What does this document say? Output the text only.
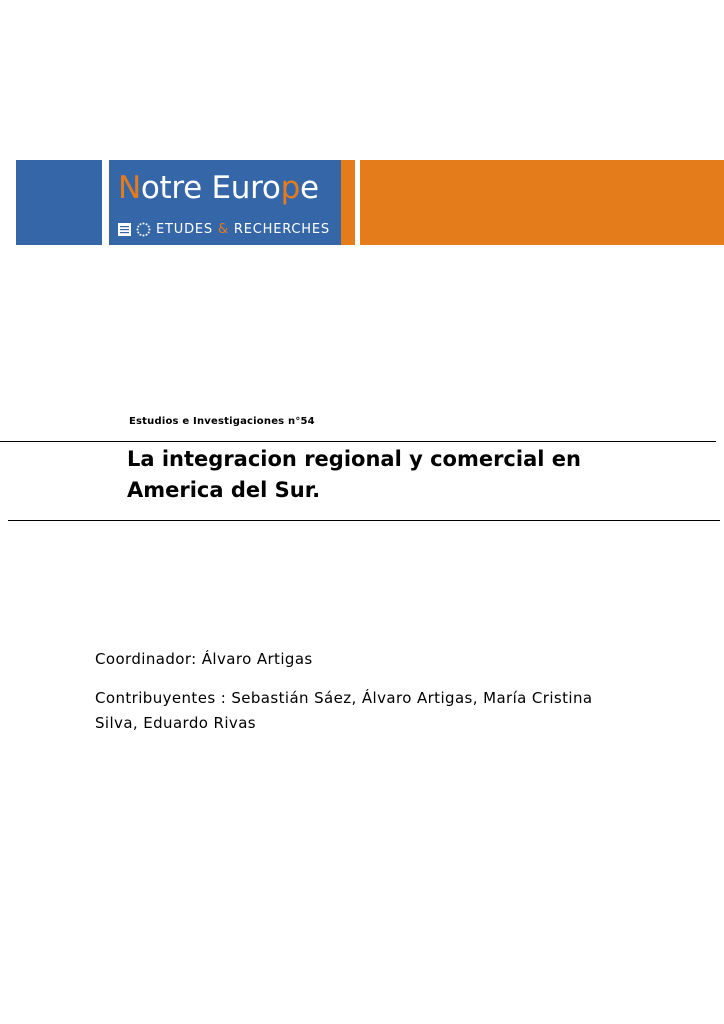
Notre Europe
ETUDES & RECHERCHES
Estudios e Investigaciones n°54
La integracion regional y comercial en America del Sur.
Coordinador: Álvaro Artigas
Contribuyentes : Sebastián Sáez, Álvaro Artigas, María Cristina Silva, Eduardo Rivas
